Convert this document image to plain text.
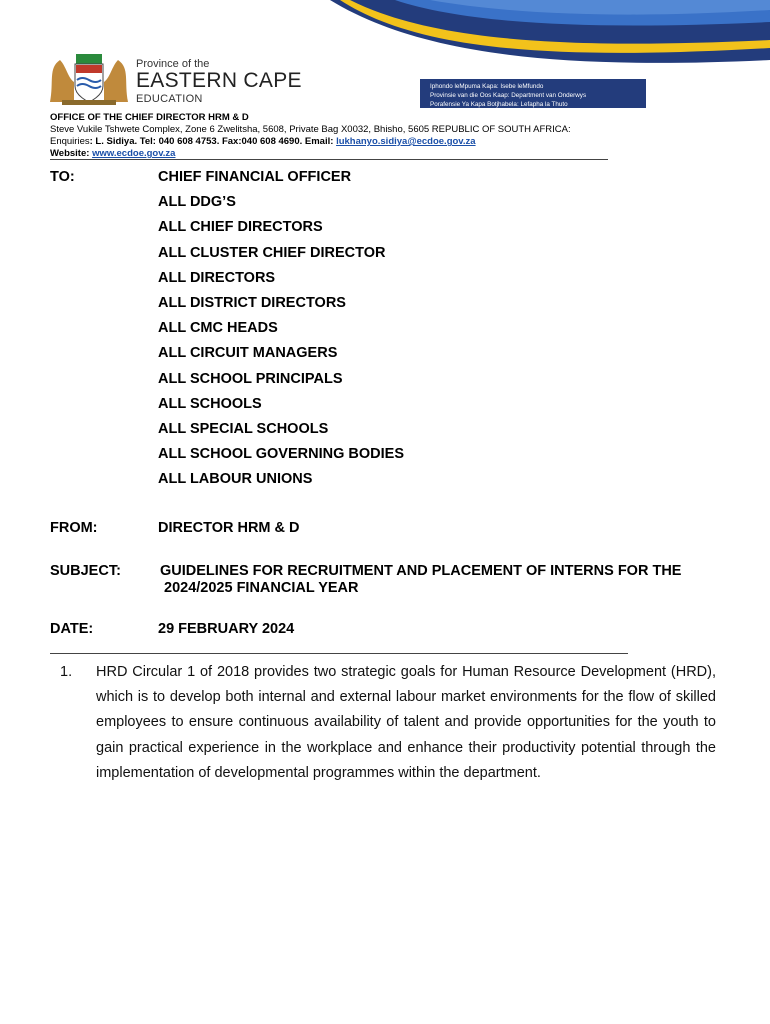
Province of the
EASTERN CAPE
EDUCATION
Iphondo leMpuma Kapa: Isebe leMfundo
Provinsie van die Oos Kaap: Department van Onderwys
Porafensie Ya Kapa Botjhabela: Lefapha la Thuto
OFFICE OF THE CHIEF DIRECTOR HRM & D
Steve Vukile Tshwete Complex, Zone 6 Zwelitsha, 5608, Private Bag X0032, Bhisho, 5605 REPUBLIC OF SOUTH AFRICA:
Enquiries: L. Sidiya. Tel: 040 608 4753. Fax:040 608 4690. Email: lukhanyo.sidiya@ecdoe.gov.za
Website: www.ecdoe.gov.za
TO:	CHIEF FINANCIAL OFFICER
ALL DDG’S
ALL CHIEF DIRECTORS
ALL CLUSTER CHIEF DIRECTOR
ALL DIRECTORS
ALL DISTRICT DIRECTORS
ALL CMC HEADS
ALL CIRCUIT MANAGERS
ALL SCHOOL PRINCIPALS
ALL SCHOOLS
ALL SPECIAL SCHOOLS
ALL SCHOOL GOVERNING BODIES
ALL LABOUR UNIONS
FROM:	DIRECTOR HRM & D
SUBJECT:	GUIDELINES FOR RECRUITMENT AND PLACEMENT OF INTERNS FOR THE
2024/2025 FINANCIAL YEAR
DATE:	29 FEBRUARY 2024
1. HRD Circular 1 of 2018 provides two strategic goals for Human Resource Development (HRD), which is to develop both internal and external labour market environments for the flow of skilled employees to ensure continuous availability of talent and provide opportunities for the youth to gain practical experience in the workplace and enhance their productivity potential through the implementation of developmental programmes within the department.
